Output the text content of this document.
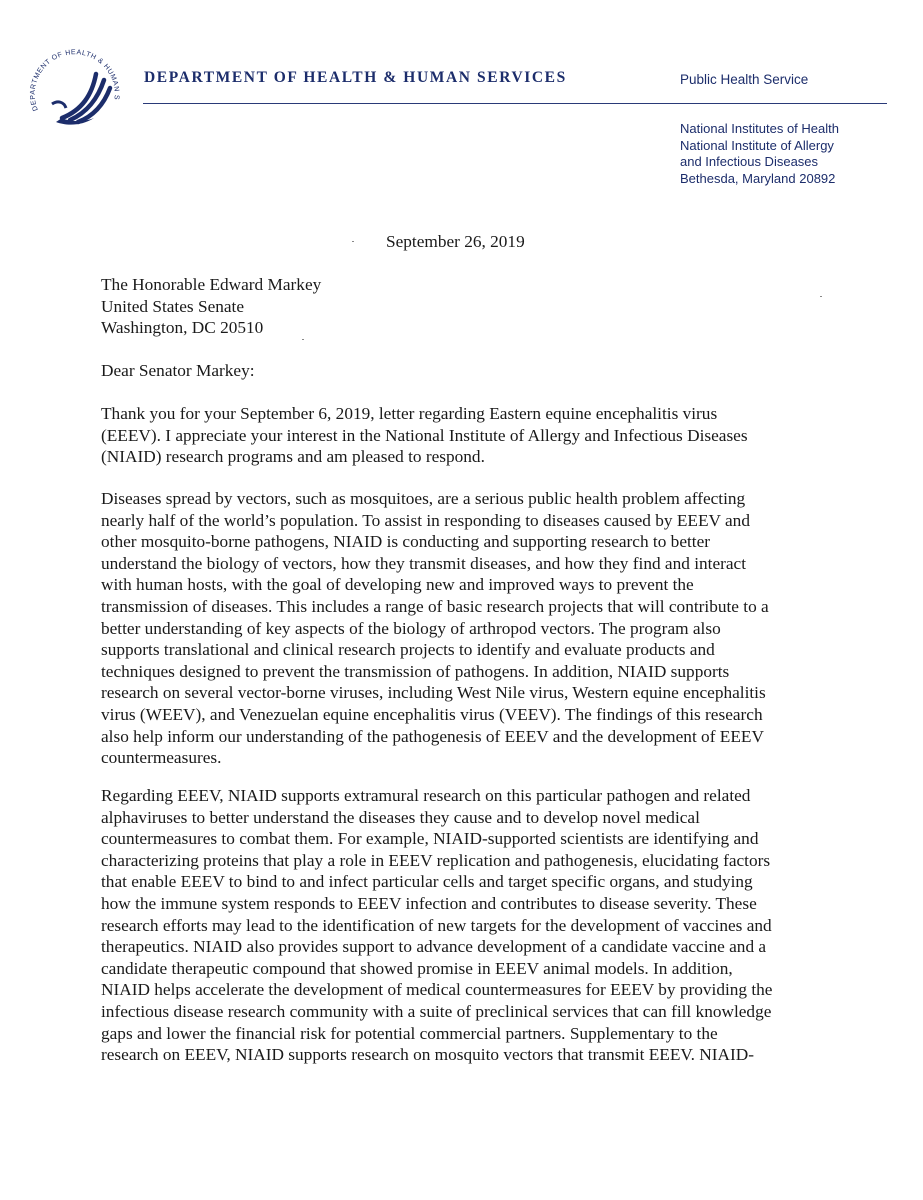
DEPARTMENT OF HEALTH & HUMAN S
DEPARTMENT OF HEALTH & HUMAN SERVICES	Public Health Service
National Institutes of Health
National Institute of Allergy
and Infectious Diseases
Bethesda, Maryland 20892
September 26, 2019
The Honorable Edward Markey
United States Senate
Washington, DC 20510
Dear Senator Markey:
Thank you for your September 6, 2019, letter regarding Eastern equine encephalitis virus
(EEEV). I appreciate your interest in the National Institute of Allergy and Infectious Diseases
(NIAID) research programs and am pleased to respond.
Diseases spread by vectors, such as mosquitoes, are a serious public health problem affecting
nearly half of the world’s population. To assist in responding to diseases caused by EEEV and
other mosquito-borne pathogens, NIAID is conducting and supporting research to better
understand the biology of vectors, how they transmit diseases, and how they find and interact
with human hosts, with the goal of developing new and improved ways to prevent the
transmission of diseases. This includes a range of basic research projects that will contribute to a
better understanding of key aspects of the biology of arthropod vectors. The program also
supports translational and clinical research projects to identify and evaluate products and
techniques designed to prevent the transmission of pathogens. In addition, NIAID supports
research on several vector-borne viruses, including West Nile virus, Western equine encephalitis
virus (WEEV), and Venezuelan equine encephalitis virus (VEEV). The findings of this research
also help inform our understanding of the pathogenesis of EEEV and the development of EEEV
countermeasures.
Regarding EEEV, NIAID supports extramural research on this particular pathogen and related
alphaviruses to better understand the diseases they cause and to develop novel medical
countermeasures to combat them. For example, NIAID-supported scientists are identifying and
characterizing proteins that play a role in EEEV replication and pathogenesis, elucidating factors
that enable EEEV to bind to and infect particular cells and target specific organs, and studying
how the immune system responds to EEEV infection and contributes to disease severity. These
research efforts may lead to the identification of new targets for the development of vaccines and
therapeutics. NIAID also provides support to advance development of a candidate vaccine and a
candidate therapeutic compound that showed promise in EEEV animal models. In addition,
NIAID helps accelerate the development of medical countermeasures for EEEV by providing the
infectious disease research community with a suite of preclinical services that can fill knowledge
gaps and lower the financial risk for potential commercial partners. Supplementary to the
research on EEEV, NIAID supports research on mosquito vectors that transmit EEEV. NIAID-
